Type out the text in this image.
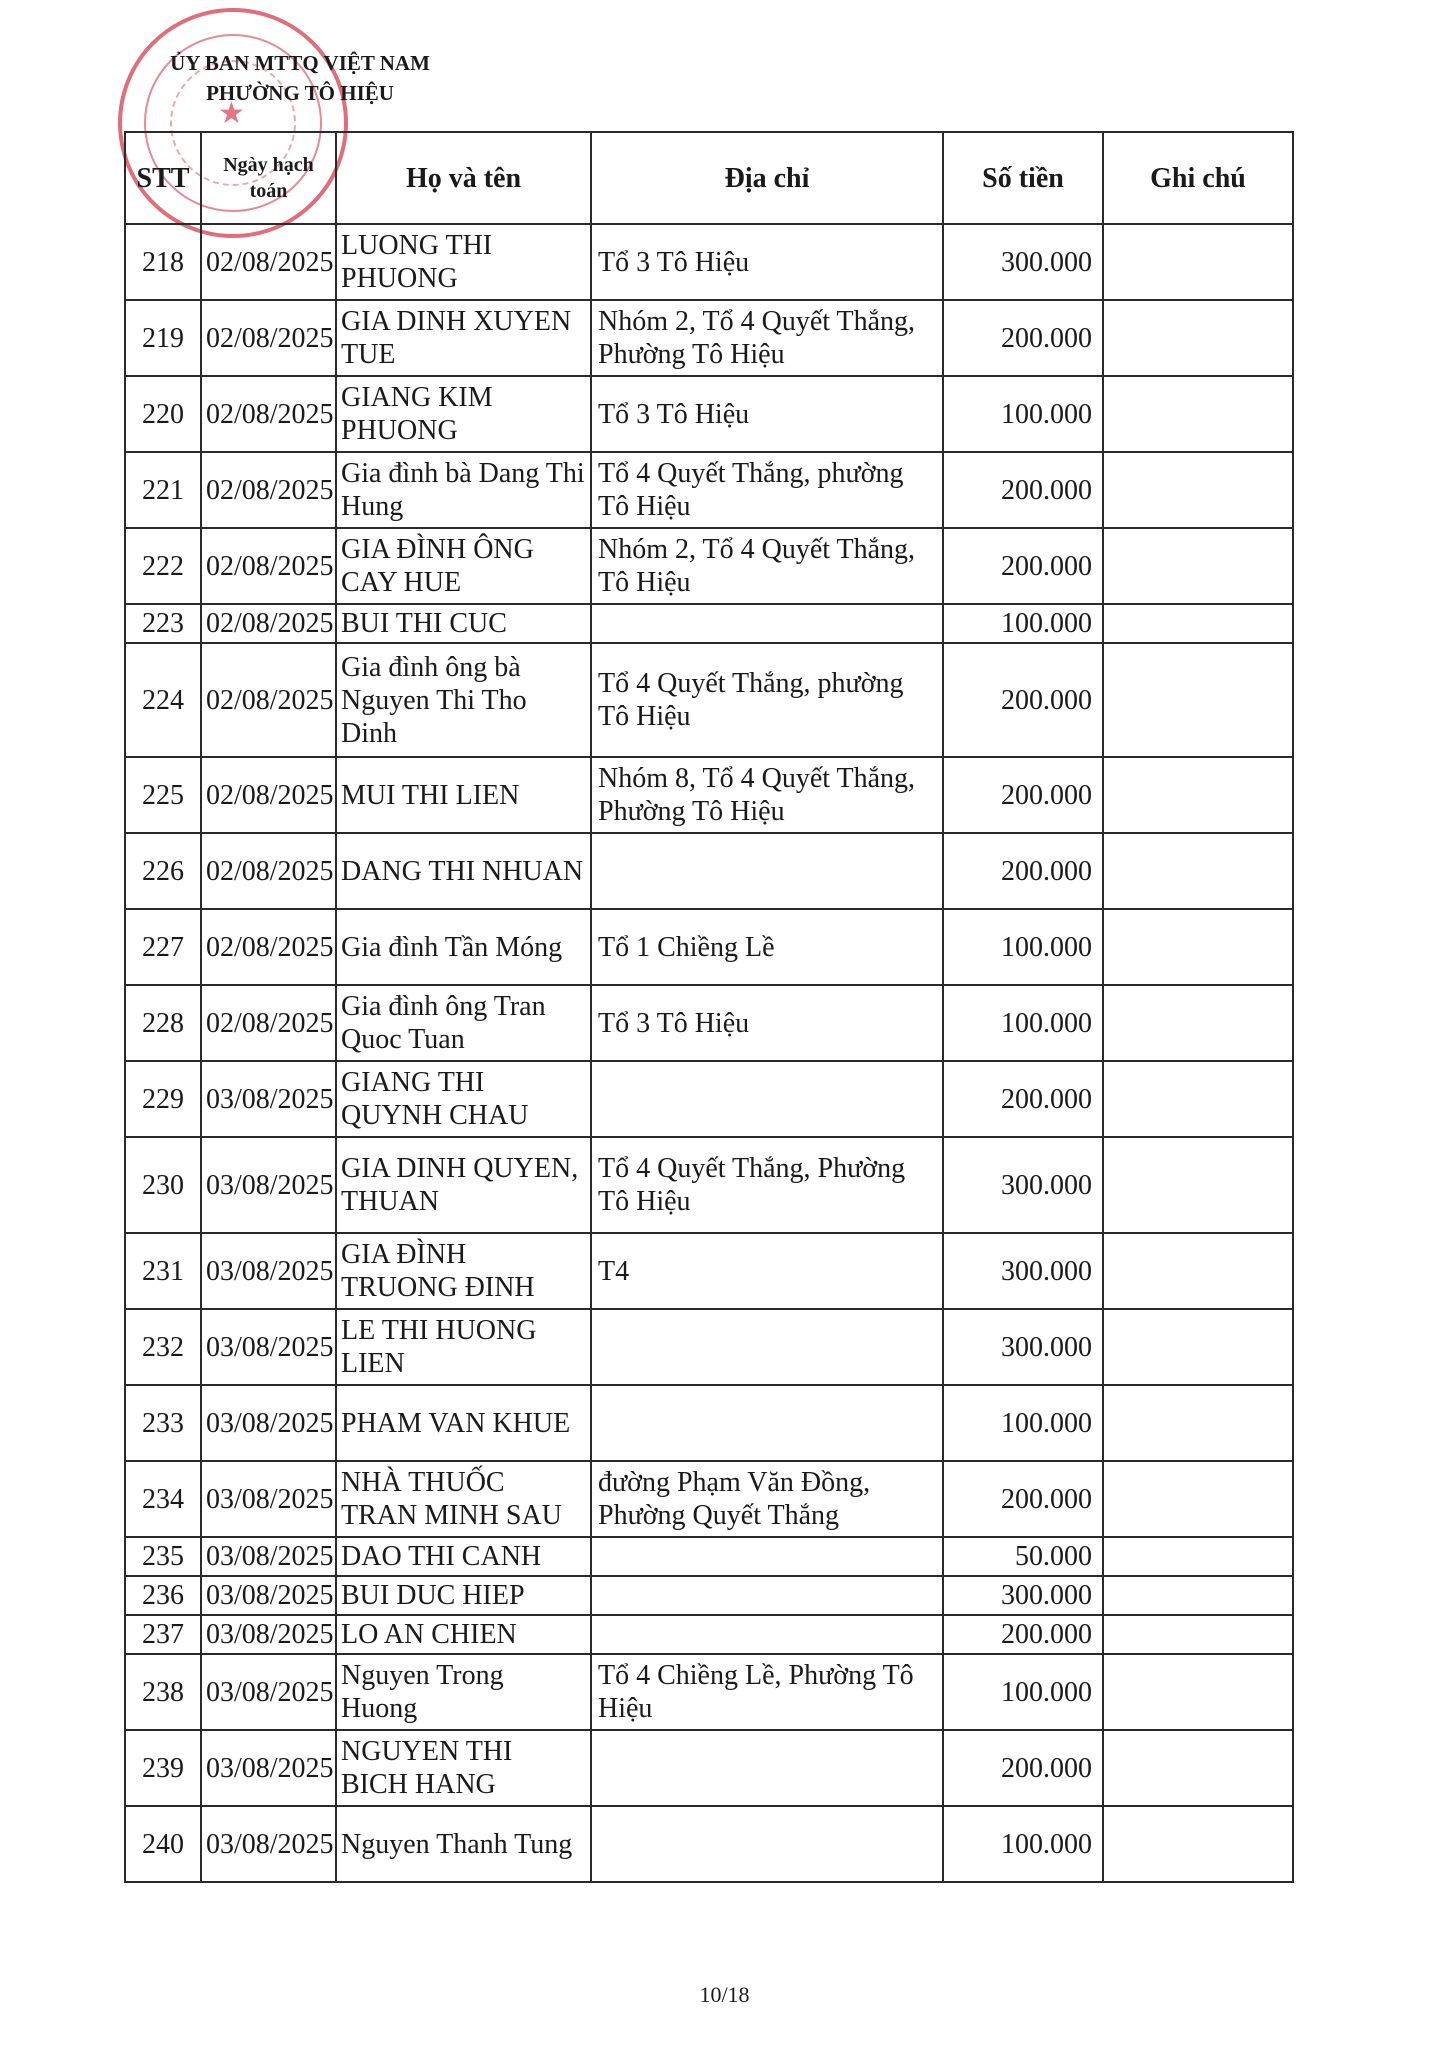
★
ỦY BAN MTTQ VIỆT NAM
PHƯỜNG TÔ HIỆU
STT	Ngày hạch toán	Họ và tên	Địa chỉ	Số tiền	Ghi chú
218	02/08/2025	LUONG THI PHUONG	Tổ 3 Tô Hiệu	300.000	
219	02/08/2025	GIA DINH XUYEN TUE	Nhóm 2, Tổ 4 Quyết Thắng, Phường Tô Hiệu	200.000	
220	02/08/2025	GIANG KIM PHUONG	Tổ 3 Tô Hiệu	100.000	
221	02/08/2025	Gia đình bà Dang Thi Hung	Tổ 4 Quyết Thắng, phường Tô Hiệu	200.000	
222	02/08/2025	GIA ĐÌNH ÔNG CAY HUE	Nhóm 2, Tổ 4 Quyết Thắng, Tô Hiệu	200.000	
223	02/08/2025	BUI THI CUC		100.000	
224	02/08/2025	Gia đình ông bà Nguyen Thi Tho Dinh	Tổ 4 Quyết Thắng, phường Tô Hiệu	200.000	
225	02/08/2025	MUI THI LIEN	Nhóm 8, Tổ 4 Quyết Thắng, Phường Tô Hiệu	200.000	
226	02/08/2025	DANG THI NHUAN		200.000	
227	02/08/2025	Gia đình Tần Móng	Tổ 1 Chiềng Lề	100.000	
228	02/08/2025	Gia đình ông Tran Quoc Tuan	Tổ 3 Tô Hiệu	100.000	
229	03/08/2025	GIANG THI QUYNH CHAU		200.000	
230	03/08/2025	GIA DINH QUYEN, THUAN	Tổ 4 Quyết Thắng, Phường Tô Hiệu	300.000	
231	03/08/2025	GIA ĐÌNH TRUONG ĐINH	T4	300.000	
232	03/08/2025	LE THI HUONG LIEN		300.000	
233	03/08/2025	PHAM VAN KHUE		100.000	
234	03/08/2025	NHÀ THUỐC TRAN MINH SAU	đường Phạm Văn Đồng, Phường Quyết Thắng	200.000	
235	03/08/2025	DAO THI CANH		50.000	
236	03/08/2025	BUI DUC HIEP		300.000	
237	03/08/2025	LO AN CHIEN		200.000	
238	03/08/2025	Nguyen Trong Huong	Tổ 4 Chiềng Lề, Phường Tô Hiệu	100.000	
239	03/08/2025	NGUYEN THI BICH HANG		200.000	
240	03/08/2025	Nguyen Thanh Tung		100.000	
10/18
